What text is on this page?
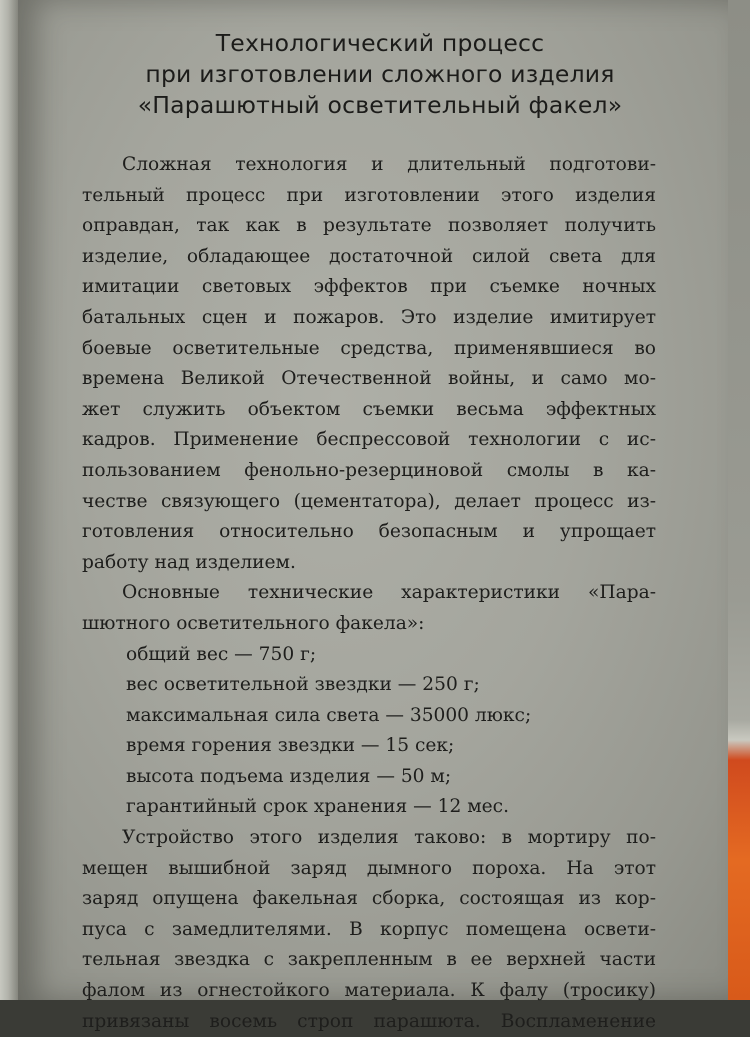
Технологический процесс
при изготовлении сложного изделия
«Парашютный осветительный факел»
Сложная технология и длительный подготови-
тельный процесс при изготовлении этого изделия
оправдан, так как в результате позволяет получить
изделие, обладающее достаточной силой света для
имитации световых эффектов при съемке ночных
батальных сцен и пожаров. Это изделие имитирует
боевые осветительные средства, применявшиеся во
времена Великой Отечественной войны, и само мо-
жет служить объектом съемки весьма эффектных
кадров. Применение беспрессовой технологии с ис-
пользованием фенольно-резерциновой смолы в ка-
честве связующего (цементатора), делает процесс из-
готовления относительно безопасным и упрощает
работу над изделием.
Основные технические характеристики «Пара-
шютного осветительного факела»:
общий вес — 750 г;
вес осветительной звездки — 250 г;
максимальная сила света — 35000 люкс;
время горения звездки — 15 сек;
высота подъема изделия — 50 м;
гарантийный срок хранения — 12 мес.
Устройство этого изделия таково: в мортиру по-
мещен вышибной заряд дымного пороха. На этот
заряд опущена факельная сборка, состоящая из кор-
пуса с замедлителями. В корпус помещена освети-
тельная звездка с закрепленным в ее верхней части
фалом из огнестойкого материала. К фалу (тросику)
привязаны восемь строп парашюта. Воспламенение
